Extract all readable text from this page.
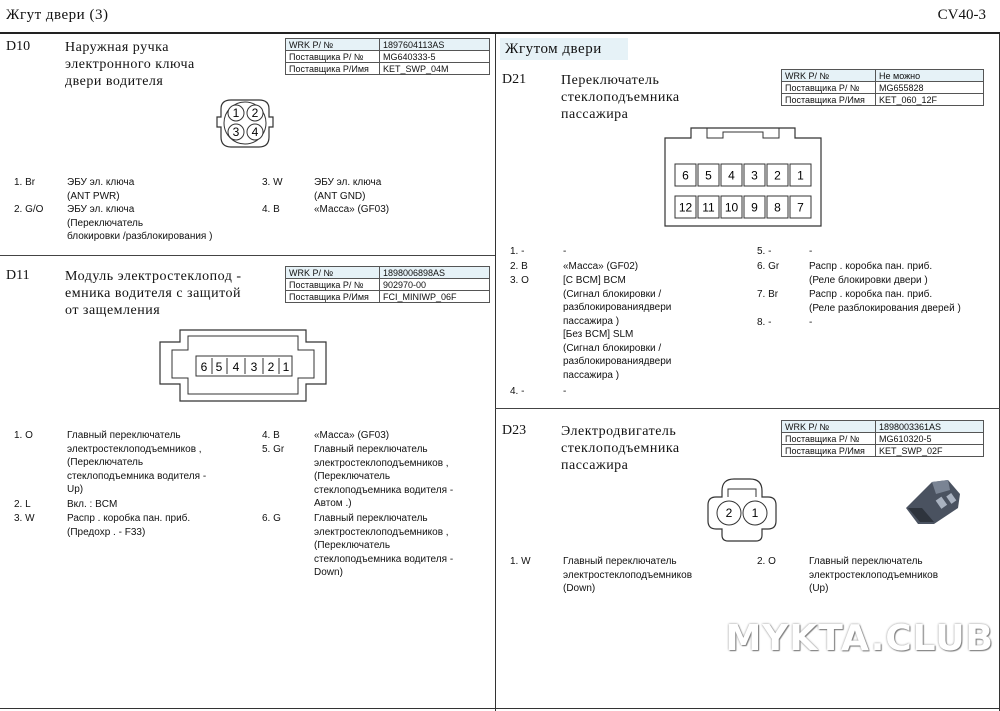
Жгут двери (3)	CV40-3
Жгутом двери
D10 Наружная ручка
электронного ключа
двери водителя
WRK Р/ №	1897604113AS
Поставщика Р/ №	MG640333-5
Поставщика Р/Имя	KET_SWP_04M
1 2
3 4
1. Br	ЭБУ эл. ключа
(ANT PWR)
2. G/O ЭБУ эл. ключа
(Переключатель
блокировки /разблокирования )
3. W	ЭБУ эл. ключа
(ANT GND)
4. B	«Масса» (GF03)
D11	Модуль электростеклопод -
емника водителя с защитой
от защемления
WRK Р/ №	1898006898AS
Поставщика Р/ №	902970-00
Поставщика Р/Имя	FCI_MINIWP_06F
6 5 4 3 2 1
1. O	Главный переключатель
электростеклоподъемников ,
(Переключатель
стеклоподъемника водителя -
Up)
2. L	Вкл. : BCM
3. W	Распр . коробка пан. приб.
(Предохр . - F33)
4. B	«Масса» (GF03)
5. Gr	Главный переключатель
электростеклоподъемников ,
(Переключатель
стеклоподъемника водителя -
Автом .)
6. G	Главный переключатель
электростеклоподъемников ,
(Переключатель
стеклоподъемника водителя -
Down)
D21 Переключатель
стеклоподъемника
пассажира
WRK Р/ №	Не можно
Поставщика Р/ №	MG655828
Поставщика Р/Имя	KET_060_12F
6 5 4 3 2 1
12 11 10 9 8 7
1. -	-
2. B	«Масса» (GF02)
3. O	[С BCM] BCM
(Сигнал блокировки /
разблокированиядвери
пассажира )
[Без BCM] SLM
(Сигнал блокировки /
разблокированиядвери
пассажира )
4. -	-
5. -	-
6. Gr	Распр . коробка пан. приб.
(Реле блокировки двери )
7. Br	Распр . коробка пан. приб.
(Реле разблокирования дверей )
8. -	-
D23 Электродвигатель
стеклоподъемника
пассажира
WRK Р/ №	1898003361AS
Поставщика Р/ №	MG610320-5
Поставщика Р/Имя	KET_SWP_02F
2 1
1. W	Главный переключатель
электростеклоподъемников
(Down)
2. O	Главный переключатель
электростеклоподъемников
(Up)
MYKTA.CLUB
